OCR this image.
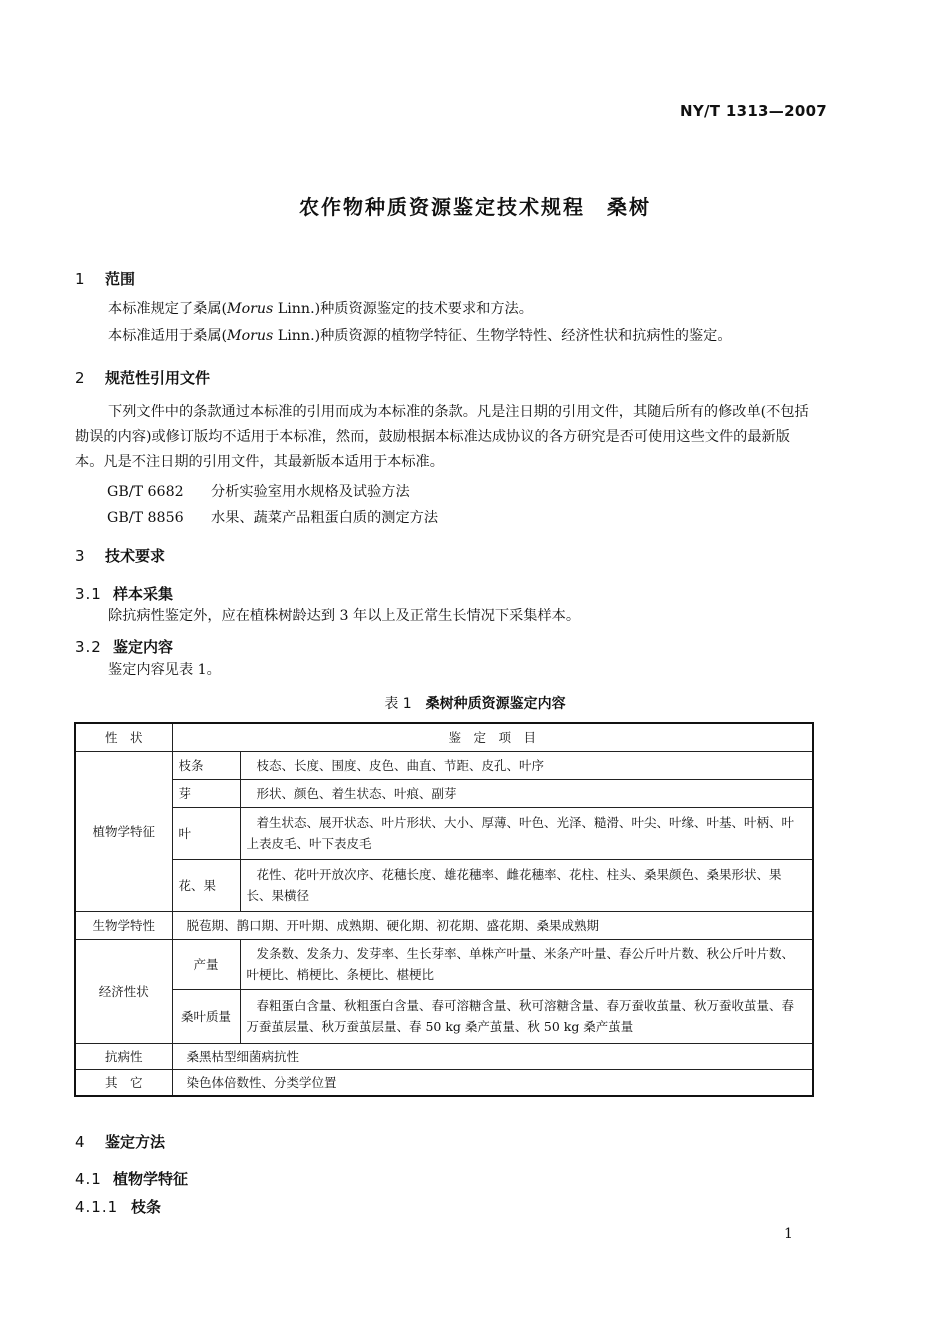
NY/T 1313—2007
农作物种质资源鉴定技术规程　桑树
1 范围
本标准规定了桑属(Morus Linn.)种质资源鉴定的技术要求和方法。
本标准适用于桑属(Morus Linn.)种质资源的植物学特征、生物学特性、经济性状和抗病性的鉴定。
2 规范性引用文件
下列文件中的条款通过本标准的引用而成为本标准的条款。凡是注日期的引用文件，其随后所有的修改单(不包括勘误的内容)或修订版均不适用于本标准，然而，鼓励根据本标准达成协议的各方研究是否可使用这些文件的最新版本。凡是不注日期的引用文件，其最新版本适用于本标准。
GB/T 6682 分析实验室用水规格及试验方法
GB/T 8856 水果、蔬菜产品粗蛋白质的测定方法
3 技术要求
3.1 样本采集
除抗病性鉴定外，应在植株树龄达到 3 年以上及正常生长情况下采集样本。
3.2 鉴定内容
鉴定内容见表 1。
表 1 桑树种质资源鉴定内容
性　状	鉴　定　项　目	
植物学特征	枝条	枝态、长度、围度、皮色、曲直、节距、皮孔、叶序
	芽	形状、颜色、着生状态、叶痕、副芽
	叶	着生状态、展开状态、叶片形状、大小、厚薄、叶色、光泽、糙滑、叶尖、叶缘、叶基、叶柄、叶上表皮毛、叶下表皮毛
	花、果	花性、花叶开放次序、花穗长度、雄花穗率、雌花穗率、花柱、柱头、桑果颜色、桑果形状、果长、果横径
生物学特性	脱苞期、鹊口期、开叶期、成熟期、硬化期、初花期、盛花期、桑果成熟期	
经济性状	产量	发条数、发条力、发芽率、生长芽率、单株产叶量、米条产叶量、春公斤叶片数、秋公斤叶片数、叶梗比、梢梗比、条梗比、椹梗比
	桑叶质量	春粗蛋白含量、秋粗蛋白含量、春可溶糖含量、秋可溶糖含量、春万蚕收茧量、秋万蚕收茧量、春万蚕茧层量、秋万蚕茧层量、春 50 kg 桑产茧量、秋 50 kg 桑产茧量
抗病性	桑黑枯型细菌病抗性	
其　它	染色体倍数性、分类学位置	
4 鉴定方法
4.1 植物学特征
4.1.1 枝条
1
